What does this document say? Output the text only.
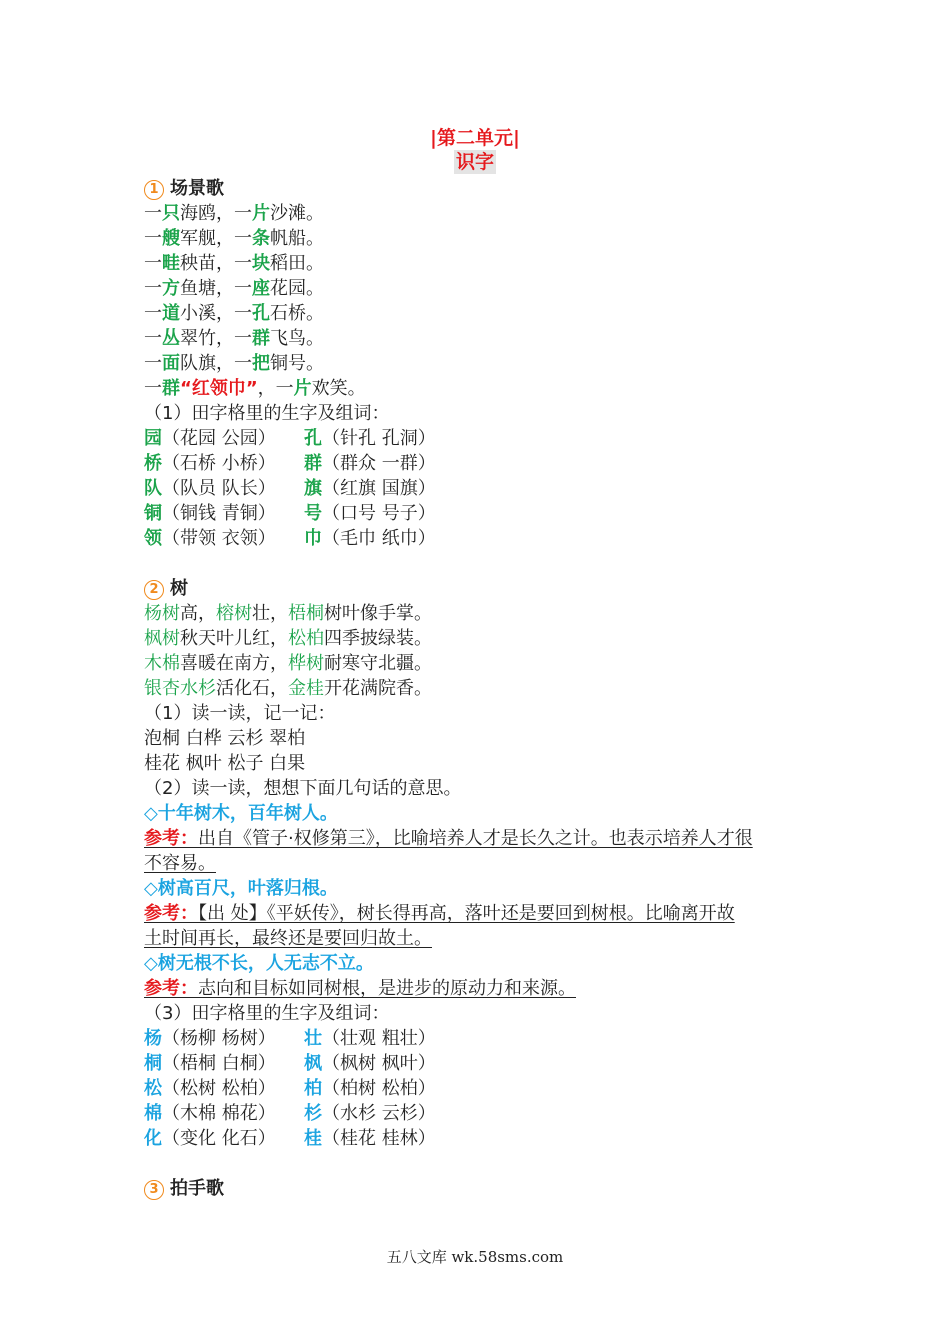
|第二单元|
识字
1 场景歌
一只海鸥，一片沙滩。
一艘军舰，一条帆船。
一畦秧苗，一块稻田。
一方鱼塘，一座花园。
一道小溪，一孔石桥。
一丛翠竹，一群飞鸟。
一面队旗，一把铜号。
一群“红领巾”，一片欢笑。
（1）田字格里的生字及组词：
园（花园 公园）	孔（针孔 孔洞）
桥（石桥 小桥）	群（群众 一群）
队（队员 队长）	旗（红旗 国旗）
铜（铜钱 青铜）	号（口号 号子）
领（带领 衣领）	巾（毛巾 纸巾）
2 树
杨树高，榕树壮，梧桐树叶像手掌。
枫树秋天叶儿红，松柏四季披绿装。
木棉喜暖在南方，桦树耐寒守北疆。
银杏水杉活化石，金桂开花满院香。
（1）读一读，记一记：
泡桐 白桦 云杉 翠柏
桂花 枫叶 松子 白果
（2）读一读，想想下面几句话的意思。
◇十年树木，百年树人。
参考：出自《管子·权修第三》，比喻培养人才是长久之计。也表示培养人才很
不容易。
◇树高百尺，叶落归根。
参考：【出 处】《平妖传》，树长得再高，落叶还是要回到树根。比喻离开故
土时间再长，最终还是要回归故土。
◇树无根不长，人无志不立。
参考：志向和目标如同树根，是进步的原动力和来源。
（3）田字格里的生字及组词：
杨（杨柳 杨树）	壮（壮观 粗壮）
桐（梧桐 白桐）	枫（枫树 枫叶）
松（松树 松柏）	柏（柏树 松柏）
棉（木棉 棉花）	杉（水杉 云杉）
化（变化 化石）	桂（桂花 桂林）
3 拍手歌
五八文库 wk.58sms.com
